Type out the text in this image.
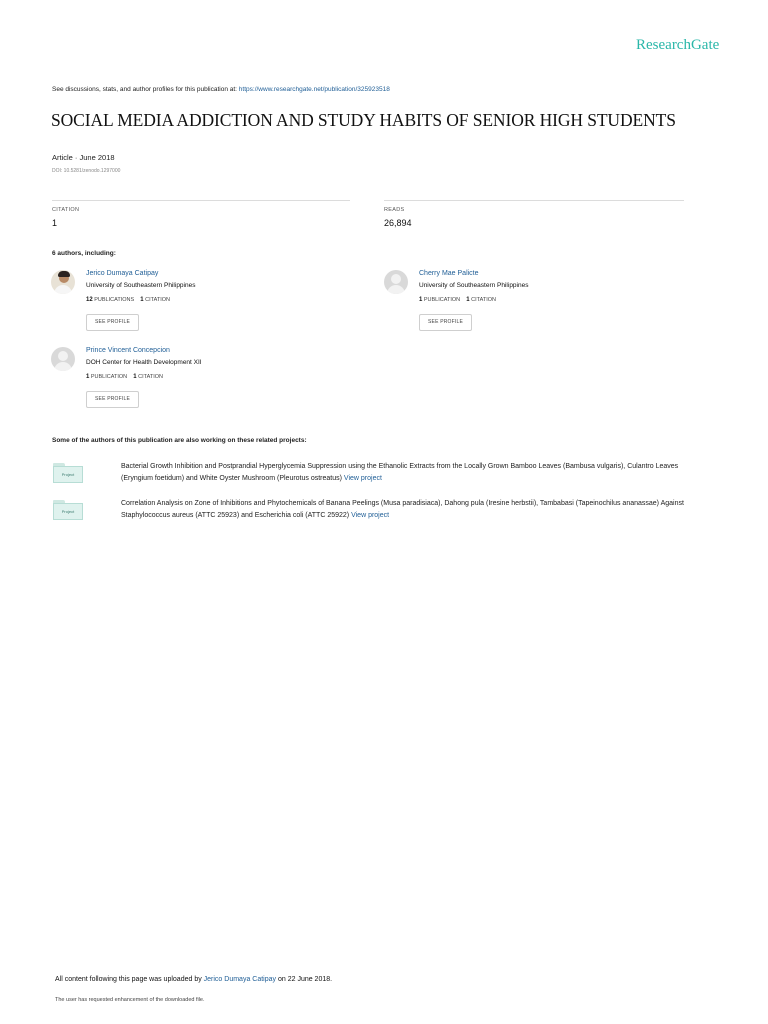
ResearchGate
See discussions, stats, and author profiles for this publication at: https://www.researchgate.net/publication/325923518
SOCIAL MEDIA ADDICTION AND STUDY HABITS OF SENIOR HIGH STUDENTS
Article · June 2018
DOI: 10.5281/zenodo.1297000
CITATION
1
READS
26,894
6 authors, including:
Jerico Dumaya Catipay
University of Southeastern Philippines
12 PUBLICATIONS 1 CITATION
SEE PROFILE
Cherry Mae Palicte
University of Southeastern Philippines
1 PUBLICATION 1 CITATION
SEE PROFILE
Prince Vincent Concepcion
DOH Center for Health Development XII
1 PUBLICATION 1 CITATION
SEE PROFILE
Some of the authors of this publication are also working on these related projects:
Project
Bacterial Growth Inhibition and Postprandial Hyperglycemia Suppression using the Ethanolic Extracts from the Locally Grown Bamboo Leaves (Bambusa vulgaris), Culantro Leaves (Eryngium foetidum) and White Oyster Mushroom (Pleurotus ostreatus) View project
Project
Correlation Analysis on Zone of Inhibitions and Phytochemicals of Banana Peelings (Musa paradisiaca), Dahong pula (Iresine herbstii), Tambabasi (Tapeinochilus ananassae) Against Staphylococcus aureus (ATTC 25923) and Escherichia coli (ATTC 25922) View project
All content following this page was uploaded by Jerico Dumaya Catipay on 22 June 2018.
The user has requested enhancement of the downloaded file.
